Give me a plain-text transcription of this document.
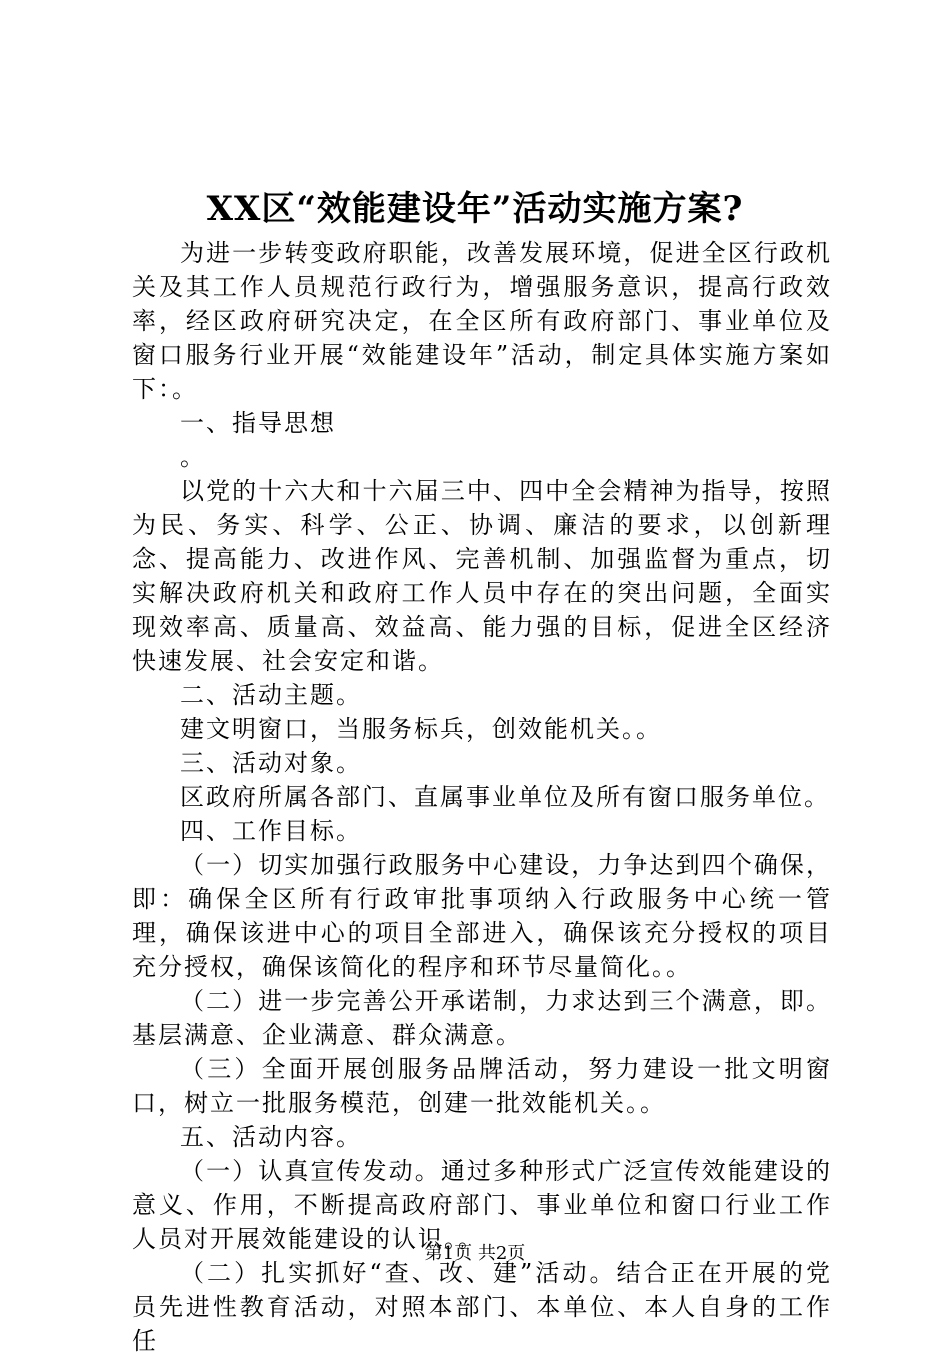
XX区“效能建设年”活动实施方案?

为进一步转变政府职能，改善发展环境，促进全区行政机关及其工作人员规范行政行为，增强服务意识，提高行政效率，经区政府研究决定，在全区所有政府部门、事业单位及窗口服务行业开展“效能建设年”活动，制定具体实施方案如下：。

一、指导思想

。

以党的十六大和十六届三中、四中全会精神为指导，按照为民、务实、科学、公正、协调、廉洁的要求，以创新理念、提高能力、改进作风、完善机制、加强监督为重点，切实解决政府机关和政府工作人员中存在的突出问题，全面实现效率高、质量高、效益高、能力强的目标，促进全区经济快速发展、社会安定和谐。

二、活动主题。

建文明窗口，当服务标兵，创效能机关。。

三、活动对象。

区政府所属各部门、直属事业单位及所有窗口服务单位。

四、工作目标。

（一）切实加强行政服务中心建设，力争达到四个确保，即：确保全区所有行政审批事项纳入行政服务中心统一管理，确保该进中心的项目全部进入，确保该充分授权的项目充分授权，确保该简化的程序和环节尽量简化。。

（二）进一步完善公开承诺制，力求达到三个满意，即。基层满意、企业满意、群众满意。

（三）全面开展创服务品牌活动，努力建设一批文明窗口，树立一批服务模范，创建一批效能机关。。

五、活动内容。

（一）认真宣传发动。通过多种形式广泛宣传效能建设的意义、作用，不断提高政府部门、事业单位和窗口行业工作人员对开展效能建设的认识。。

（二）扎实抓好“查、改、建”活动。结合正在开展的党员先进性教育活动，对照本部门、本单位、本人自身的工作任

第1页 共2页
